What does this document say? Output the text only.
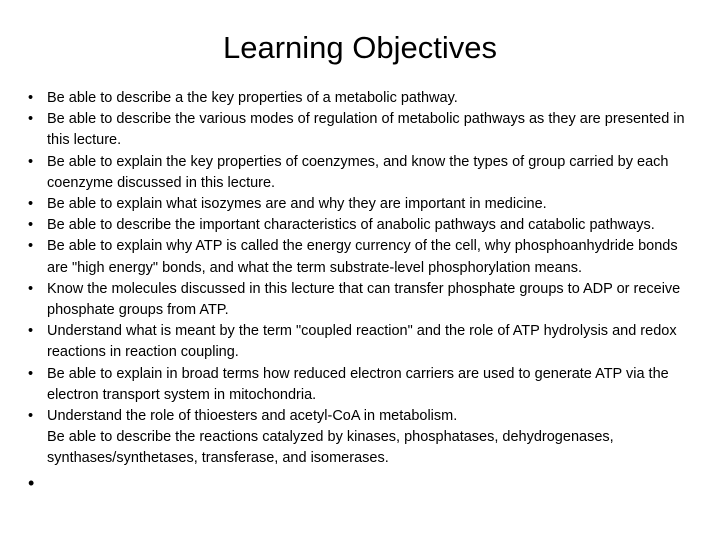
Learning Objectives
• Be able to describe a the key properties of a metabolic pathway.
• Be able to describe the various modes of regulation of metabolic pathways as they are presented in this lecture.
• Be able to explain the key properties of coenzymes, and know the types of group carried by each coenzyme discussed in this lecture.
• Be able to explain what isozymes are and why they are important in medicine.
• Be able to describe the important characteristics of anabolic pathways and catabolic pathways.
• Be able to explain why ATP is called the energy currency of the cell, why phosphoanhydride bonds are "high energy" bonds, and what the term substrate-level phosphorylation means.
• Know the molecules discussed in this lecture that can transfer phosphate groups to ADP or receive phosphate groups from ATP.
• Understand what is meant by the term "coupled reaction" and the role of ATP hydrolysis and redox reactions in reaction coupling.
• Be able to explain in broad terms how reduced electron carriers are used to generate ATP via the electron transport system in mitochondria.
• Understand the role of thioesters and acetyl-CoA in metabolism.
Be able to describe the reactions catalyzed by kinases, phosphatases, dehydrogenases, synthases/synthetases, transferase, and isomerases.
•
